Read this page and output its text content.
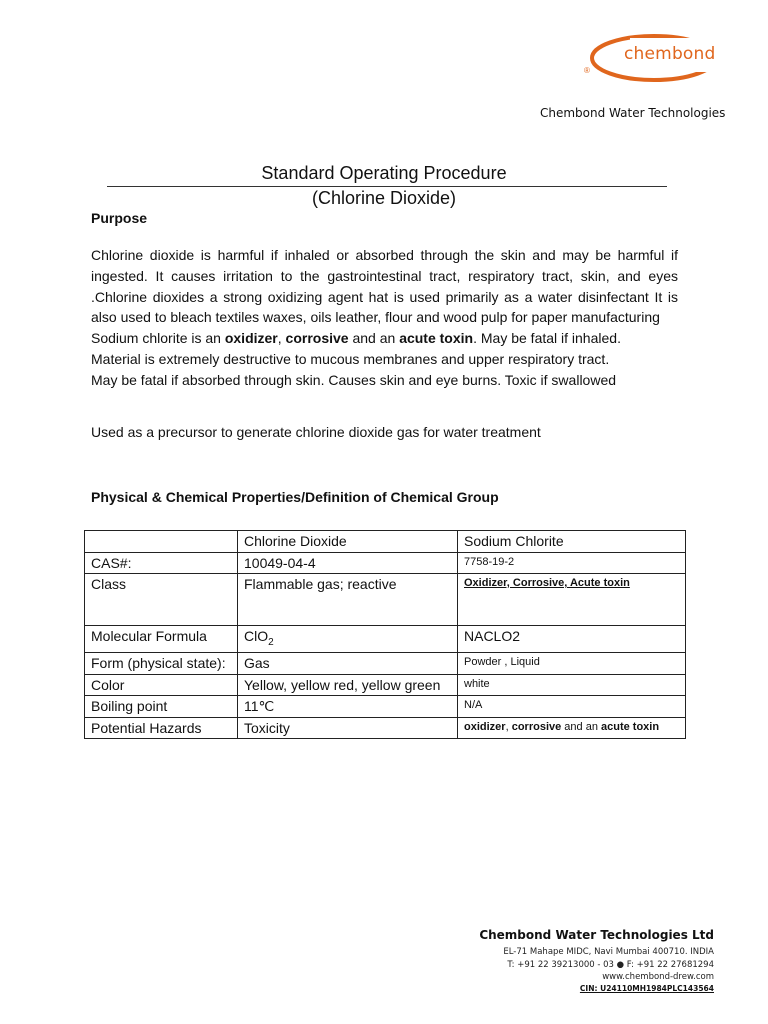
chembond
®
Chembond Water Technologies
Standard Operating Procedure
(Chlorine Dioxide)
Purpose

Chlorine dioxide is harmful if inhaled or absorbed through the skin and may be harmful if ingested. It causes irritation to the gastrointestinal tract, respiratory tract, skin, and eyes .Chlorine dioxides a strong oxidizing agent hat is used primarily as a water disinfectant It is also used to bleach textiles waxes, oils leather, flour and wood pulp for paper manufacturing

Sodium chlorite is an oxidizer, corrosive and an acute toxin. May be fatal if inhaled.

Material is extremely destructive to mucous membranes and upper respiratory tract.

May be fatal if absorbed through skin. Causes skin and eye burns. Toxic if swallowed

Used as a precursor to generate chlorine dioxide gas for water treatment
Physical & Chemical Properties/Definition of Chemical Group
	Chlorine Dioxide	Sodium Chlorite
CAS#:	10049-04-4	7758-19-2
Class	Flammable gas; reactive	Oxidizer, Corrosive, Acute toxin
Molecular Formula	ClO$_2$	NACLO2
Form (physical state):	Gas	Powder , Liquid
Color	Yellow, yellow red, yellow green	white
Boiling point	11℃	N/A
Potential Hazards	Toxicity	oxidizer, corrosive and an acute toxin
Chembond Water Technologies Ltd
EL-71 Mahape MIDC, Navi Mumbai 400710. INDIA
T: +91 22 39213000 - 03 ● F: +91 22 27681294
www.chembond-drew.com
CIN: U24110MH1984PLC143564
